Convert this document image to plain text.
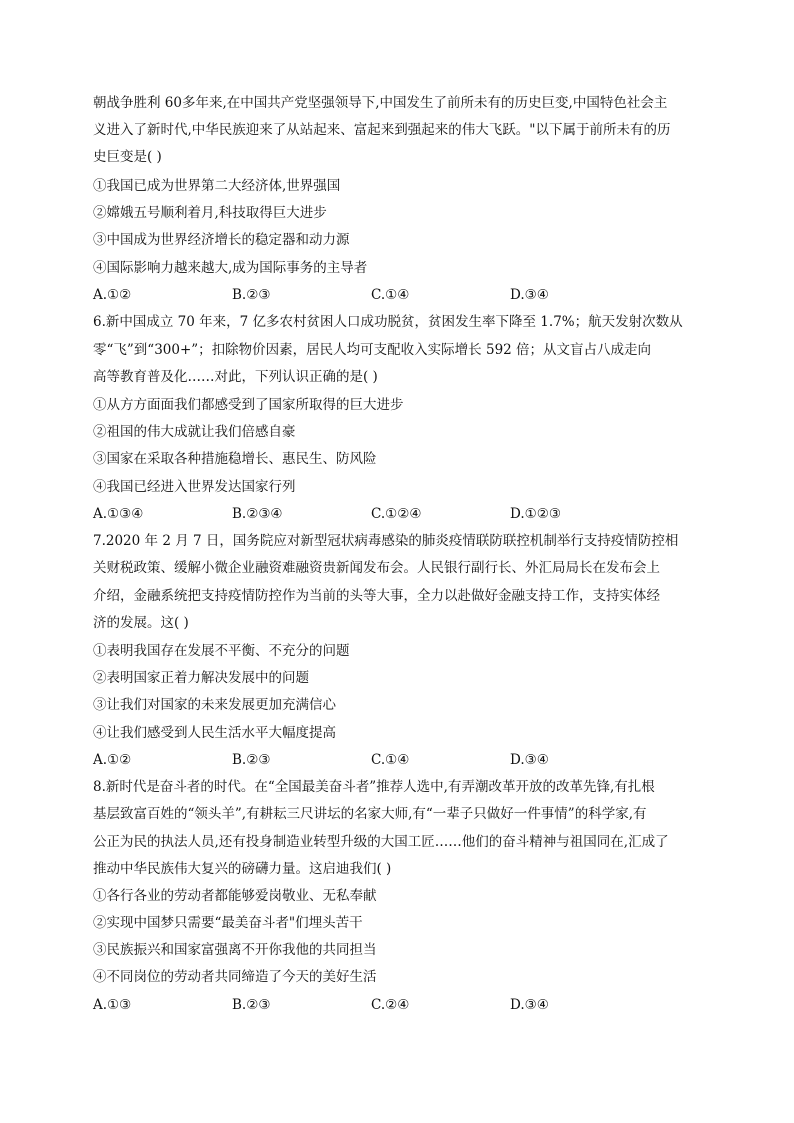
朝战争胜利 60多年来,在中国共产党坚强领导下,中国发生了前所未有的历史巨变,中国特色社会主
义进入了新时代,中华民族迎来了从站起来、富起来到强起来的伟大飞跃。"以下属于前所未有的历
史巨变是( )
①我国已成为世界第二大经济体,世界强国
②嫦娥五号顺利着月,科技取得巨大进步
③中国成为世界经济增长的稳定器和动力源
④国际影响力越来越大,成为国际事务的主导者
A.①②	B.②③	C.①④	D.③④
6.新中国成立 70 年来，7 亿多农村贫困人口成功脱贫，贫困发生率下降至 1.7%；航天发射次数从
零“飞”到“300+”；扣除物价因素，居民人均可支配收入实际增长 592 倍；从文盲占八成走向
高等教育普及化……对此，下列认识正确的是( )
①从方方面面我们都感受到了国家所取得的巨大进步
②祖国的伟大成就让我们倍感自豪
③国家在采取各种措施稳增长、惠民生、防风险
④我国已经进入世界发达国家行列
A.①③④	B.②③④	C.①②④	D.①②③
7.2020 年 2 月 7 日，国务院应对新型冠状病毒感染的肺炎疫情联防联控机制举行支持疫情防控相
关财税政策、缓解小微企业融资难融资贵新闻发布会。人民银行副行长、外汇局局长在发布会上
介绍，金融系统把支持疫情防控作为当前的头等大事，全力以赴做好金融支持工作，支持实体经
济的发展。这( )
①表明我国存在发展不平衡、不充分的问题
②表明国家正着力解决发展中的问题
③让我们对国家的未来发展更加充满信心
④让我们感受到人民生活水平大幅度提高
A.①②	B.②③	C.①④	D.③④
8.新时代是奋斗者的时代。在“全国最美奋斗者”推荐人选中,有弄潮改革开放的改革先锋,有扎根
基层致富百姓的“领头羊”,有耕耘三尺讲坛的名家大师,有“一辈子只做好一件事情”的科学家,有
公正为民的执法人员,还有投身制造业转型升级的大国工匠……他们的奋斗精神与祖国同在,汇成了
推动中华民族伟大复兴的磅礴力量。这启迪我们( )
①各行各业的劳动者都能够爱岗敬业、无私奉献
②实现中国梦只需要“最美奋斗者"们埋头苦干
③民族振兴和国家富强离不开你我他的共同担当
④不同岗位的劳动者共同缔造了今天的美好生活
A.①③	B.②③	C.②④	D.③④
